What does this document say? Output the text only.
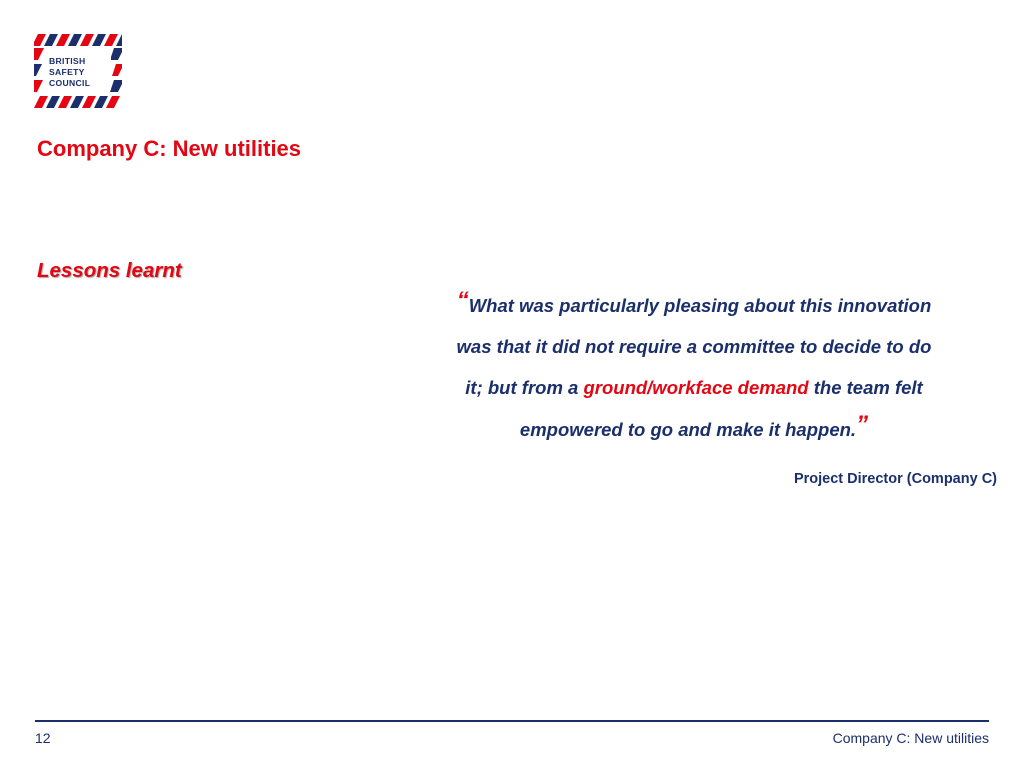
BRITISH
SAFETY
COUNCIL
Company C: New utilities
Lessons learnt
“What was particularly pleasing about this innovation
was that it did not require a committee to decide to do
it; but from a ground/workface demand the team felt
empowered to go and make it happen.”

Project Director (Company C)

12	Company C: New utilities
